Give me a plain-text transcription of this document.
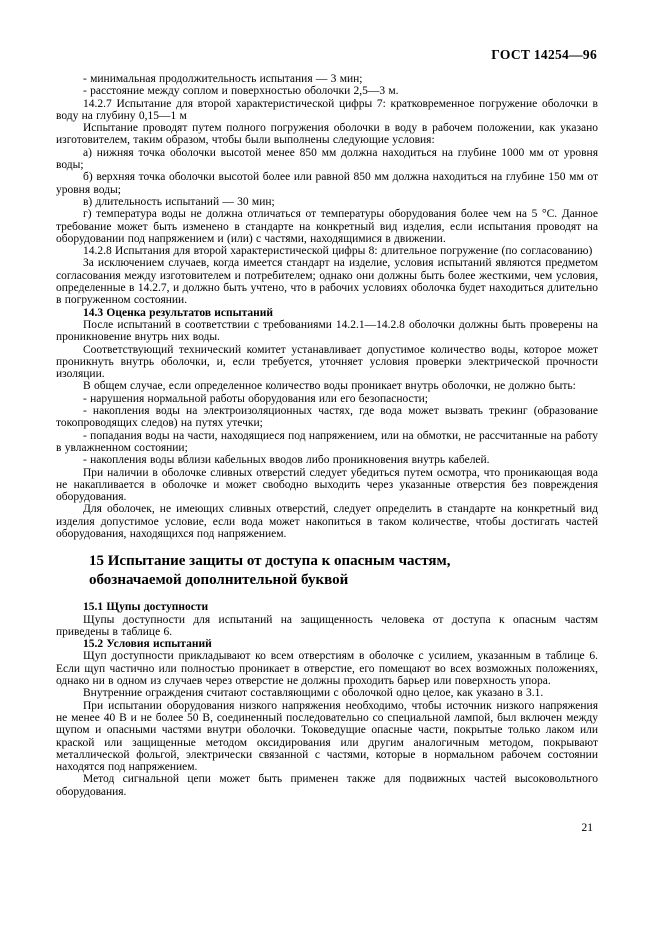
ГОСТ 14254—96

- минимальная продолжительность испытания — 3 мин;

- расстояние между соплом и поверхностью оболочки 2,5—3 м.

14.2.7 Испытание для второй характеристической цифры 7: кратковременное погружение оболочки в воду на глубину 0,15—1 м

Испытание проводят путем полного погружения оболочки в воду в рабочем положении, как указано изготовителем, таким образом, чтобы были выполнены следующие условия:

а) нижняя точка оболочки высотой менее 850 мм должна находиться на глубине 1000 мм от уровня воды;

б) верхняя точка оболочки высотой более или равной 850 мм должна находиться на глубине 150 мм от уровня воды;

в) длительность испытаний — 30 мин;

г) температура воды не должна отличаться от температуры оборудования более чем на 5 °С. Данное требование может быть изменено в стандарте на конкретный вид изделия, если испытания проводят на оборудовании под напряжением и (или) с частями, находящимися в движении.

14.2.8 Испытания для второй характеристической цифры 8: длительное погружение (по согласованию)

За исключением случаев, когда имеется стандарт на изделие, условия испытаний являются предметом согласования между изготовителем и потребителем; однако они должны быть более жесткими, чем условия, определенные в 14.2.7, и должно быть учтено, что в рабочих условиях оболочка будет находиться длительно в погруженном состоянии.

14.3 Оценка результатов испытаний

После испытаний в соответствии с требованиями 14.2.1—14.2.8 оболочки должны быть проверены на проникновение внутрь них воды.

Соответствующий технический комитет устанавливает допустимое количество воды, которое может проникнуть внутрь оболочки, и, если требуется, уточняет условия проверки электрической прочности изоляции.

В общем случае, если определенное количество воды проникает внутрь оболочки, не должно быть:

- нарушения нормальной работы оборудования или его безопасности;

- накопления воды на электроизоляционных частях, где вода может вызвать трекинг (образование токопроводящих следов) на путях утечки;

- попадания воды на части, находящиеся под напряжением, или на обмотки, не рассчитанные на работу в увлажненном состоянии;

- накопления воды вблизи кабельных вводов либо проникновения внутрь кабелей.

При наличии в оболочке сливных отверстий следует убедиться путем осмотра, что проникающая вода не накапливается в оболочке и может свободно выходить через указанные отверстия без повреждения оборудования.

Для оболочек, не имеющих сливных отверстий, следует определить в стандарте на конкретный вид изделия допустимое условие, если вода может накопиться в таком количестве, чтобы достигать частей оборудования, находящихся под напряжением.

15 Испытание защиты от доступа к опасным частям, обозначаемой дополнительной буквой

15.1 Щупы доступности

Щупы доступности для испытаний на защищенность человека от доступа к опасным частям приведены в таблице 6.

15.2 Условия испытаний

Щуп доступности прикладывают ко всем отверстиям в оболочке с усилием, указанным в таблице 6. Если щуп частично или полностью проникает в отверстие, его помещают во всех возможных положениях, однако ни в одном из случаев через отверстие не должны проходить барьер или поверхность упора.

Внутренние ограждения считают составляющими с оболочкой одно целое, как указано в 3.1.

При испытании оборудования низкого напряжения необходимо, чтобы источник низкого напряжения не менее 40 В и не более 50 В, соединенный последовательно со специальной лампой, был включен между щупом и опасными частями внутри оболочки. Токоведущие опасные части, покрытые только лаком или краской или защищенные методом оксидирования или другим аналогичным методом, покрывают металлической фольгой, электрически связанной с частями, которые в нормальном рабочем состоянии находятся под напряжением.

Метод сигнальной цепи может быть применен также для подвижных частей высоковольтного оборудования.

21
